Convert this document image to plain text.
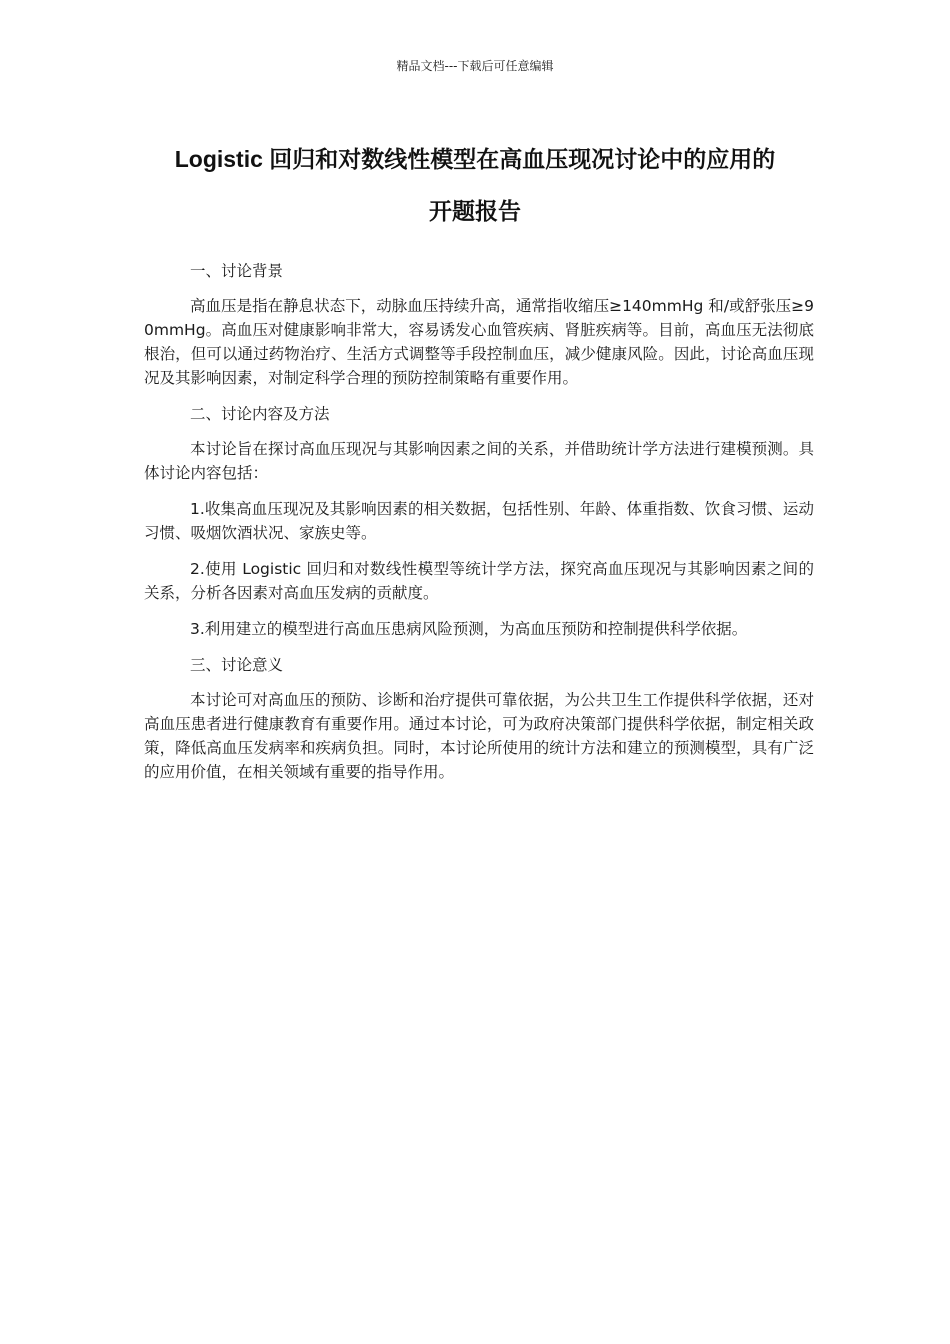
精品文档---下载后可任意编辑
Logistic 回归和对数线性模型在高血压现况讨论中的应用的
开题报告

一、讨论背景

高血压是指在静息状态下，动脉血压持续升高，通常指收缩压≥140mmHg 和/或舒张压≥90mmHg。高血压对健康影响非常大，容易诱发心血管疾病、肾脏疾病等。目前，高血压无法彻底根治，但可以通过药物治疗、生活方式调整等手段控制血压，减少健康风险。因此，讨论高血压现况及其影响因素，对制定科学合理的预防控制策略有重要作用。

二、讨论内容及方法

本讨论旨在探讨高血压现况与其影响因素之间的关系，并借助统计学方法进行建模预测。具体讨论内容包括：

1.收集高血压现况及其影响因素的相关数据，包括性别、年龄、体重指数、饮食习惯、运动习惯、吸烟饮酒状况、家族史等。

2.使用 Logistic 回归和对数线性模型等统计学方法，探究高血压现况与其影响因素之间的关系，分析各因素对高血压发病的贡献度。

3.利用建立的模型进行高血压患病风险预测，为高血压预防和控制提供科学依据。

三、讨论意义

本讨论可对高血压的预防、诊断和治疗提供可靠依据，为公共卫生工作提供科学依据，还对高血压患者进行健康教育有重要作用。通过本讨论，可为政府决策部门提供科学依据，制定相关政策，降低高血压发病率和疾病负担。同时，本讨论所使用的统计方法和建立的预测模型，具有广泛的应用价值，在相关领域有重要的指导作用。
